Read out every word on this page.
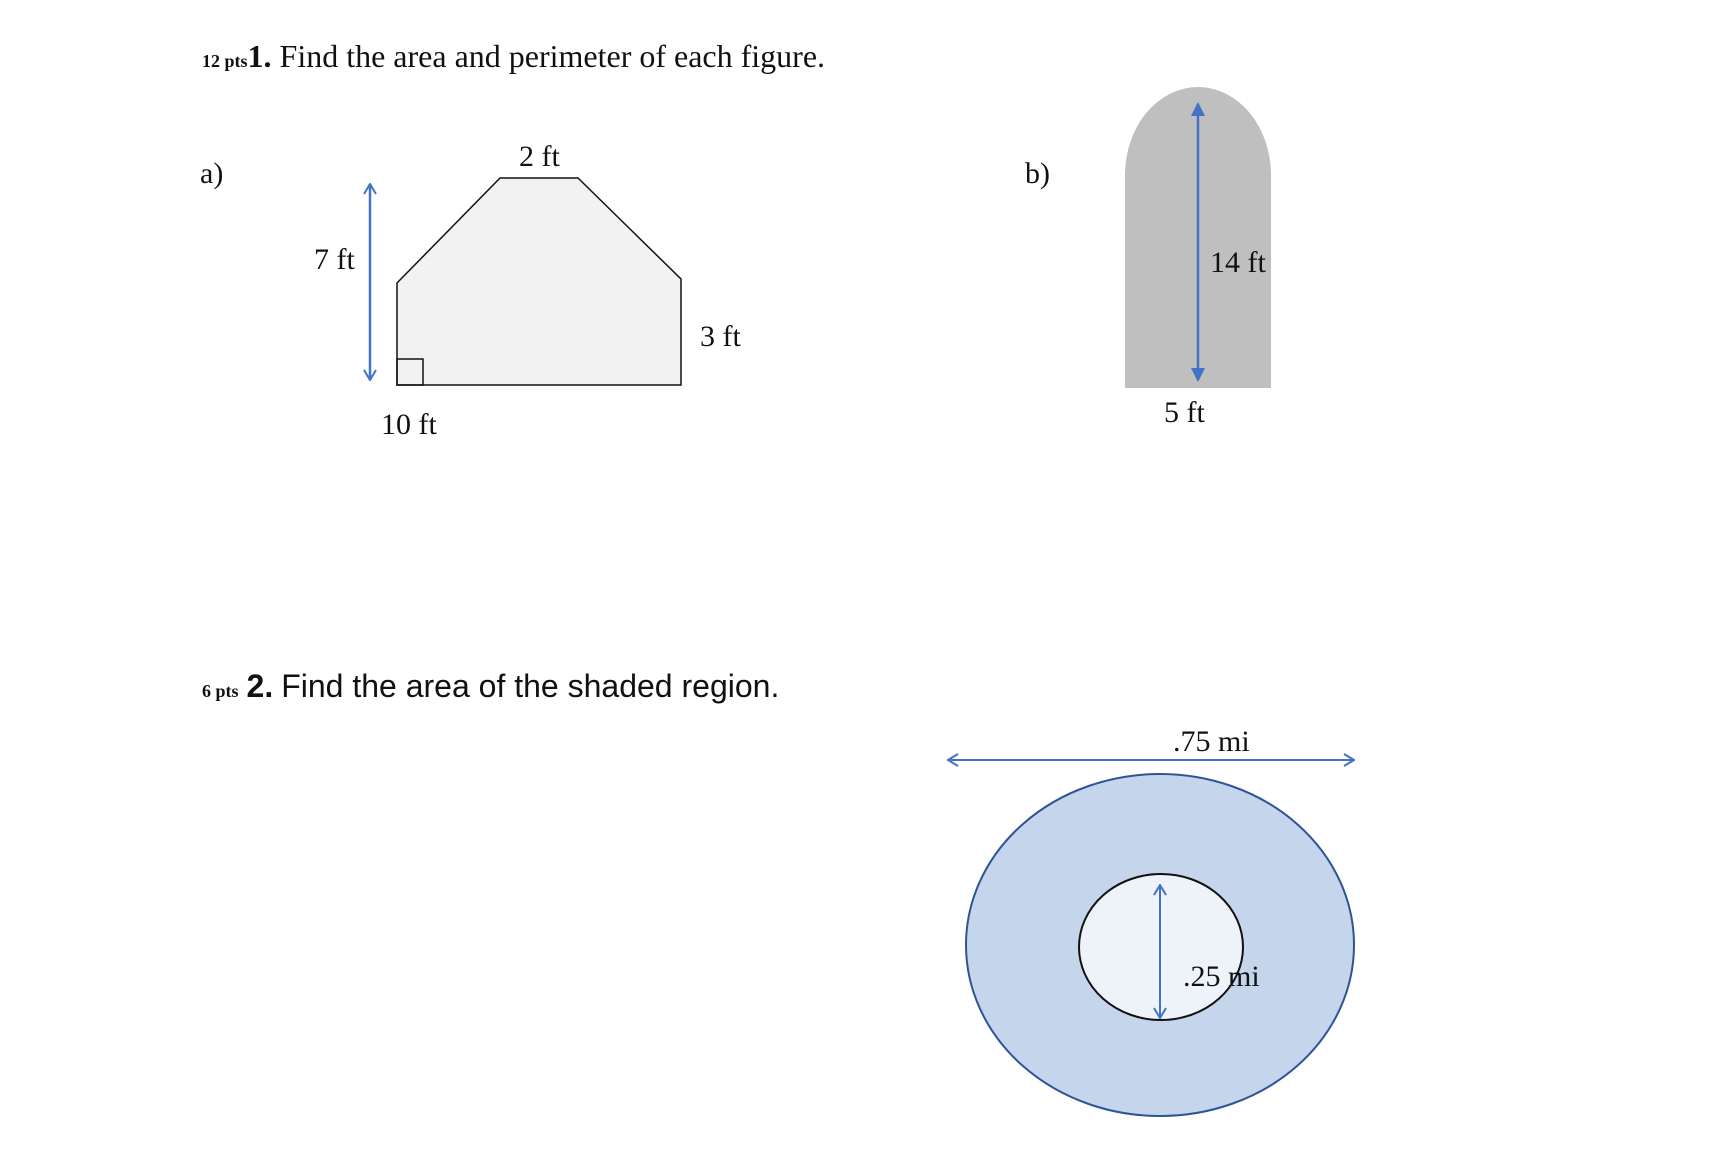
12 pts1. Find the area and perimeter of each figure.
a)	b)
7 ft
2 ft
3 ft
10 ft
14 ft
5 ft
6 pts 2. Find the area of the shaded region.
.75 mi
.25 mi
